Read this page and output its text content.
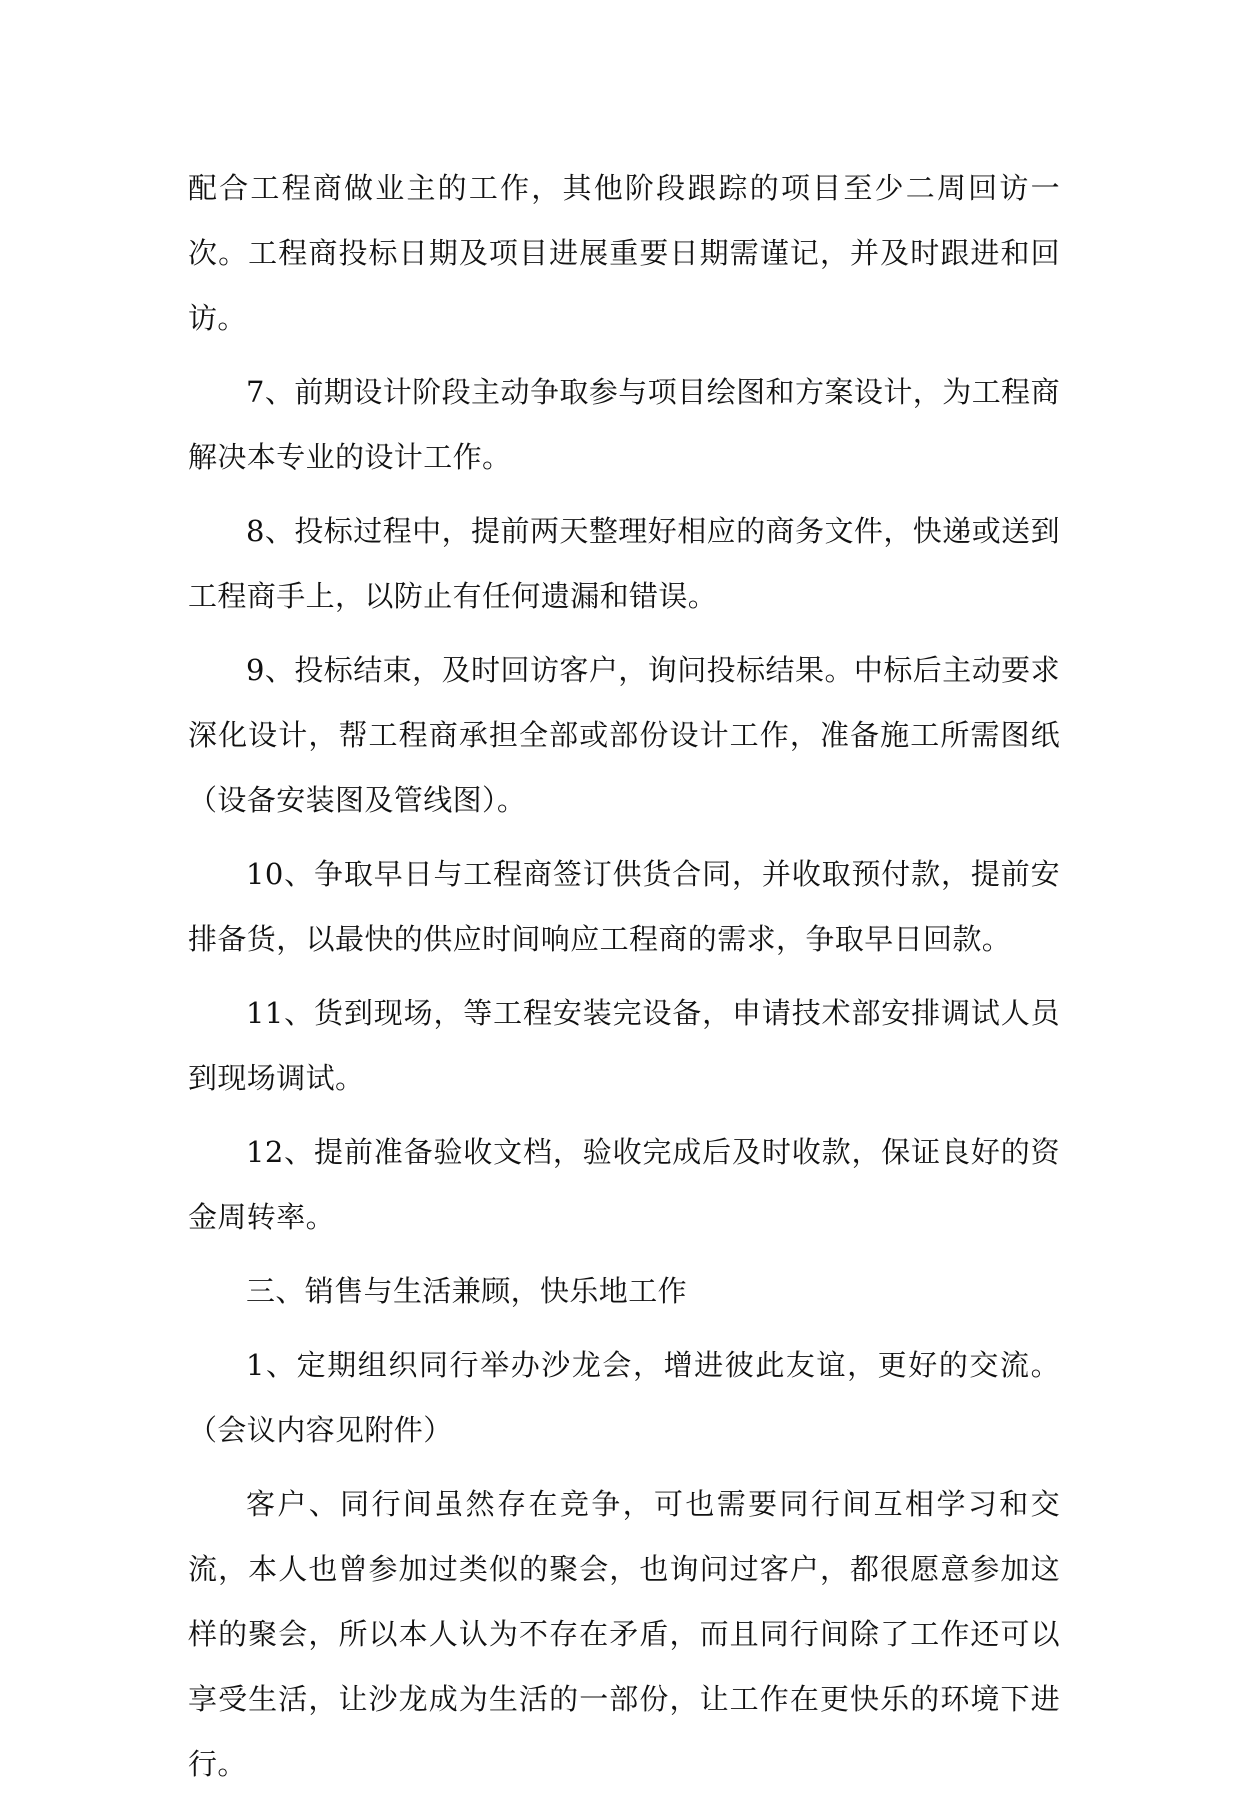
配合工程商做业主的工作，其他阶段跟踪的项目至少二周回访一次。工程商投标日期及项目进展重要日期需谨记，并及时跟进和回访。

7、前期设计阶段主动争取参与项目绘图和方案设计，为工程商解决本专业的设计工作。

8、投标过程中，提前两天整理好相应的商务文件，快递或送到工程商手上，以防止有任何遗漏和错误。

9、投标结束，及时回访客户，询问投标结果。中标后主动要求深化设计，帮工程商承担全部或部份设计工作，准备施工所需图纸（设备安装图及管线图）。

10、争取早日与工程商签订供货合同，并收取预付款，提前安排备货，以最快的供应时间响应工程商的需求，争取早日回款。

11、货到现场，等工程安装完设备，申请技术部安排调试人员到现场调试。

12、提前准备验收文档，验收完成后及时收款，保证良好的资金周转率。

三、销售与生活兼顾，快乐地工作

1、定期组织同行举办沙龙会，增进彼此友谊，更好的交流。（会议内容见附件）

客户、同行间虽然存在竞争，可也需要同行间互相学习和交流，本人也曾参加过类似的聚会，也询问过客户，都很愿意参加这样的聚会，所以本人认为不存在矛盾，而且同行间除了工作还可以享受生活，让沙龙成为生活的一部份，让工作在更快乐的环境下进行。
